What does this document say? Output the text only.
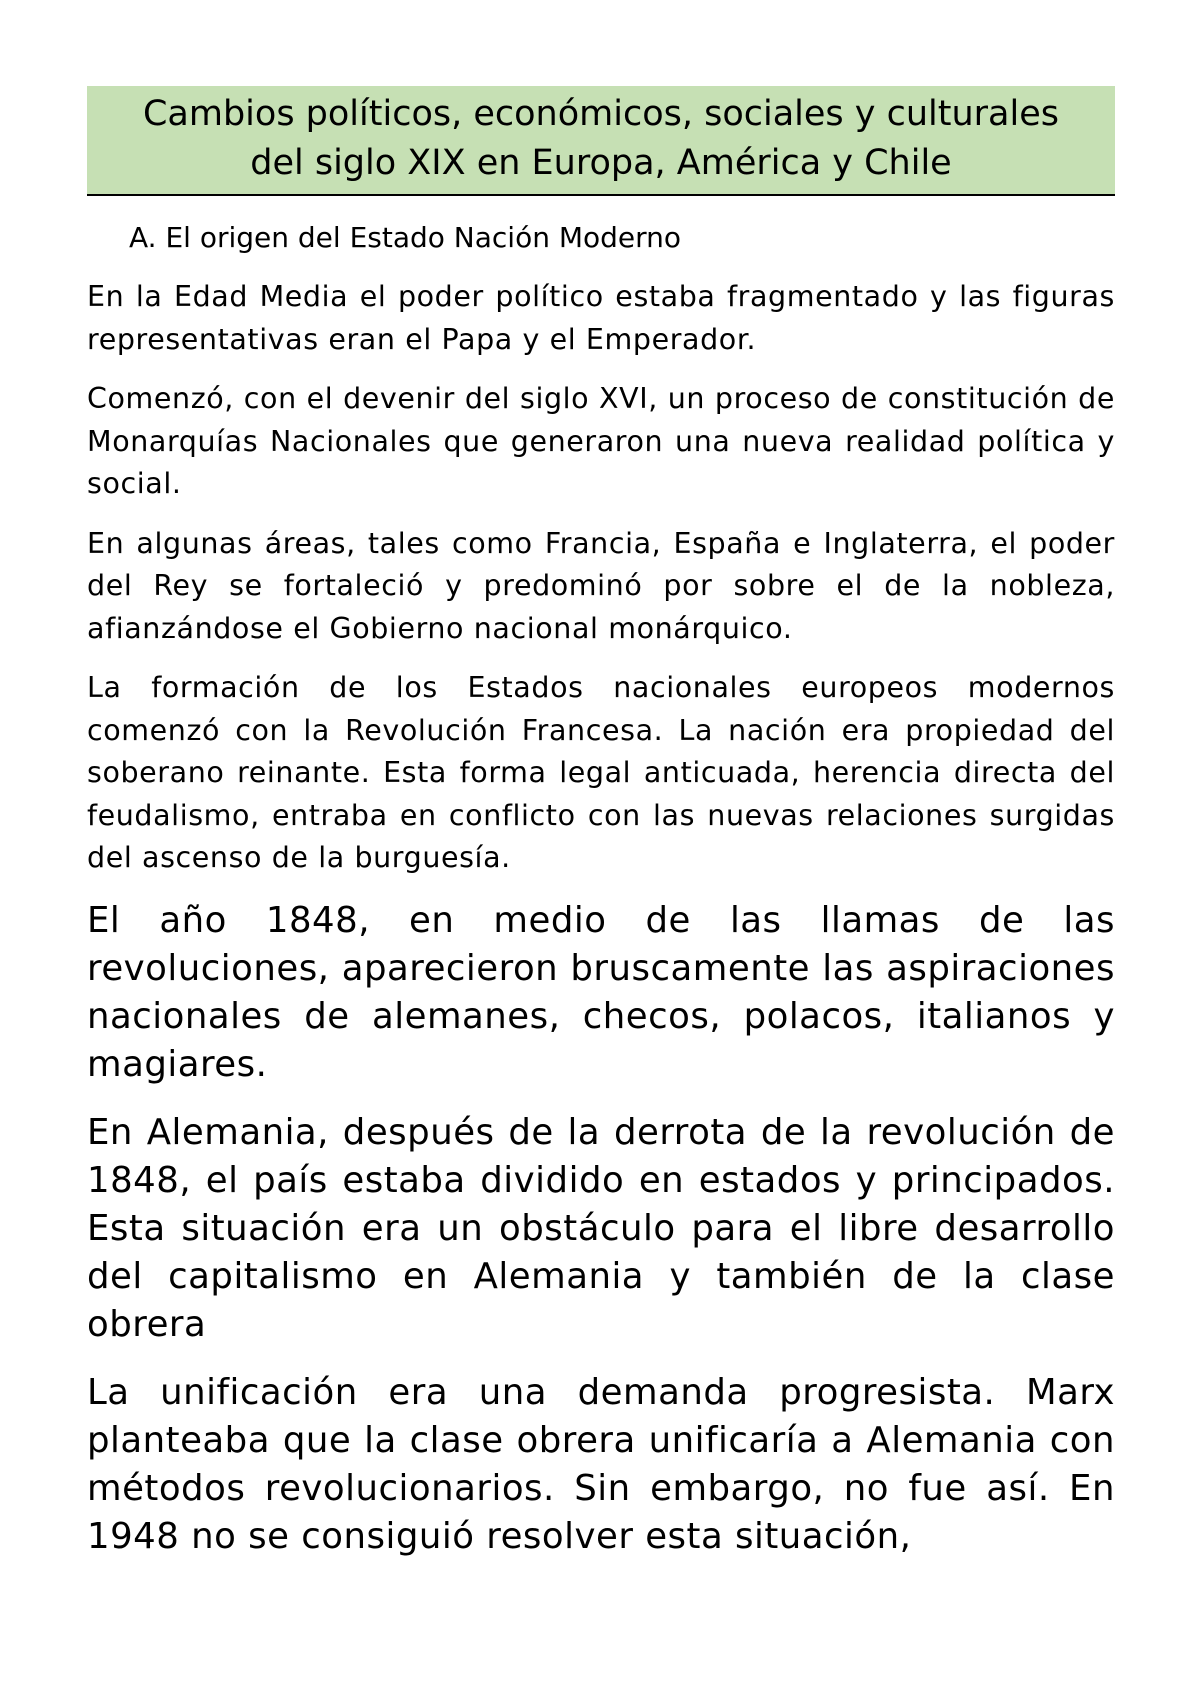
Cambios políticos, económicos, sociales y culturales
del siglo XIX en Europa, América y Chile
A. El origen del Estado Nación Moderno

En la Edad Media el poder político estaba fragmentado y las figuras representativas eran el Papa y el Emperador.

Comenzó, con el devenir del siglo XVI, un proceso de constitución de Monarquías Nacionales que generaron una nueva realidad política y social.

En algunas áreas, tales como Francia, España e Inglaterra, el poder del Rey se fortaleció y predominó por sobre el de la nobleza, afianzándose el Gobierno nacional monárquico.

La formación de los Estados nacionales europeos modernos comenzó con la Revolución Francesa. La nación era propiedad del soberano reinante. Esta forma legal anticuada, herencia directa del feudalismo, entraba en conflicto con las nuevas relaciones surgidas del ascenso de la burguesía.

El año 1848, en medio de las llamas de las revoluciones, aparecieron bruscamente las aspiraciones nacionales de alemanes, checos, polacos, italianos y magiares.

En Alemania, después de la derrota de la revolución de 1848, el país estaba dividido en estados y principados. Esta situación era un obstáculo para el libre desarrollo del capitalismo en Alemania y también de la clase obrera

La unificación era una demanda progresista. Marx planteaba que la clase obrera unificaría a Alemania con métodos revolucionarios. Sin embargo, no fue así. En 1948 no se consiguió resolver esta situación,
